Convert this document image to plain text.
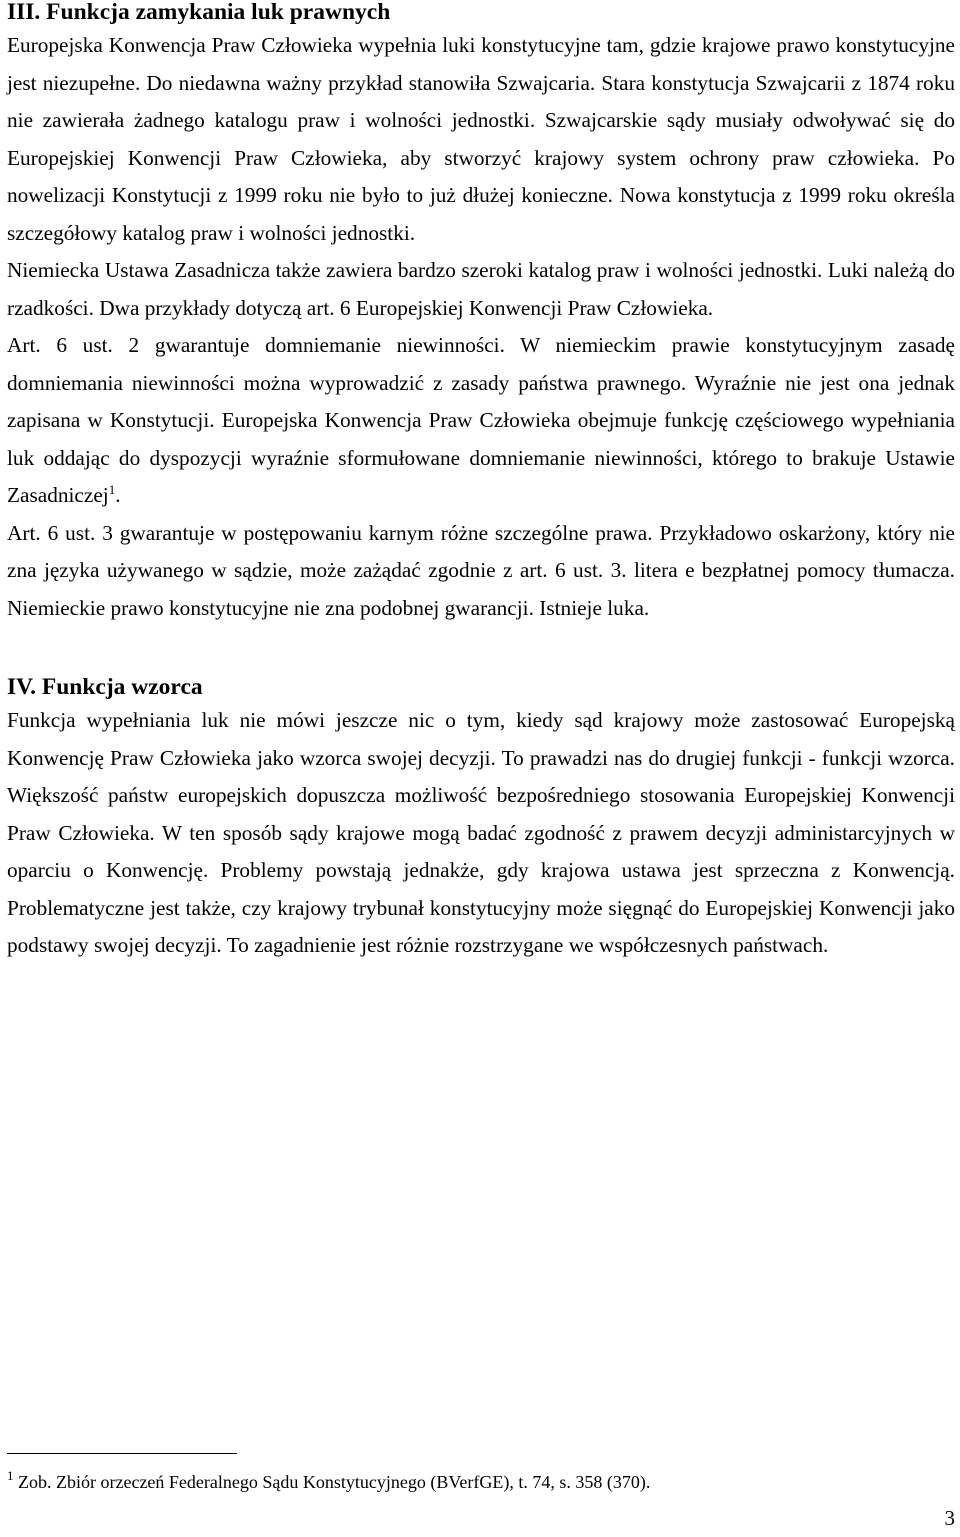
III. Funkcja zamykania luk prawnych

Europejska Konwencja Praw Człowieka wypełnia luki konstytucyjne tam, gdzie krajowe prawo konstytucyjne jest niezupełne. Do niedawna ważny przykład stanowiła Szwajcaria. Stara konstytucja Szwajcarii z 1874 roku nie zawierała żadnego katalogu praw i wolności jednostki. Szwajcarskie sądy musiały odwoływać się do Europejskiej Konwencji Praw Człowieka, aby stworzyć krajowy system ochrony praw człowieka. Po nowelizacji Konstytucji z 1999 roku nie było to już dłużej konieczne. Nowa konstytucja z 1999 roku określa szczegółowy katalog praw i wolności jednostki.

Niemiecka Ustawa Zasadnicza także zawiera bardzo szeroki katalog praw i wolności jednostki. Luki należą do rzadkości. Dwa przykłady dotyczą art. 6 Europejskiej Konwencji Praw Człowieka.

Art. 6 ust. 2 gwarantuje domniemanie niewinności. W niemieckim prawie konstytucyjnym zasadę domniemania niewinności można wyprowadzić z zasady państwa prawnego. Wyraźnie nie jest ona jednak zapisana w Konstytucji. Europejska Konwencja Praw Człowieka obejmuje funkcję częściowego wypełniania luk oddając do dyspozycji wyraźnie sformułowane domniemanie niewinności, którego to brakuje Ustawie Zasadniczej$^1$.

Art. 6 ust. 3 gwarantuje w postępowaniu karnym różne szczególne prawa. Przykładowo oskarżony, który nie zna języka używanego w sądzie, może zażądać zgodnie z art. 6 ust. 3. litera e bezpłatnej pomocy tłumacza. Niemieckie prawo konstytucyjne nie zna podobnej gwarancji. Istnieje luka.

IV. Funkcja wzorca

Funkcja wypełniania luk nie mówi jeszcze nic o tym, kiedy sąd krajowy może zastosować Europejską Konwencję Praw Człowieka jako wzorca swojej decyzji. To prawadzi nas do drugiej funkcji - funkcji wzorca. Większość państw europejskich dopuszcza możliwość bezpośredniego stosowania Europejskiej Konwencji Praw Człowieka. W ten sposób sądy krajowe mogą badać zgodność z prawem decyzji administarcyjnych w oparciu o Konwencję. Problemy powstają jednakże, gdy krajowa ustawa jest sprzeczna z Konwencją. Problematyczne jest także, czy krajowy trybunał konstytucyjny może sięgnąć do Europejskiej Konwencji jako podstawy swojej decyzji. To zagadnienie jest różnie rozstrzygane we współczesnych państwach.

$^1$ Zob. Zbiór orzeczeń Federalnego Sądu Konstytucyjnego (BVerfGE), t. 74, s. 358 (370).

3
